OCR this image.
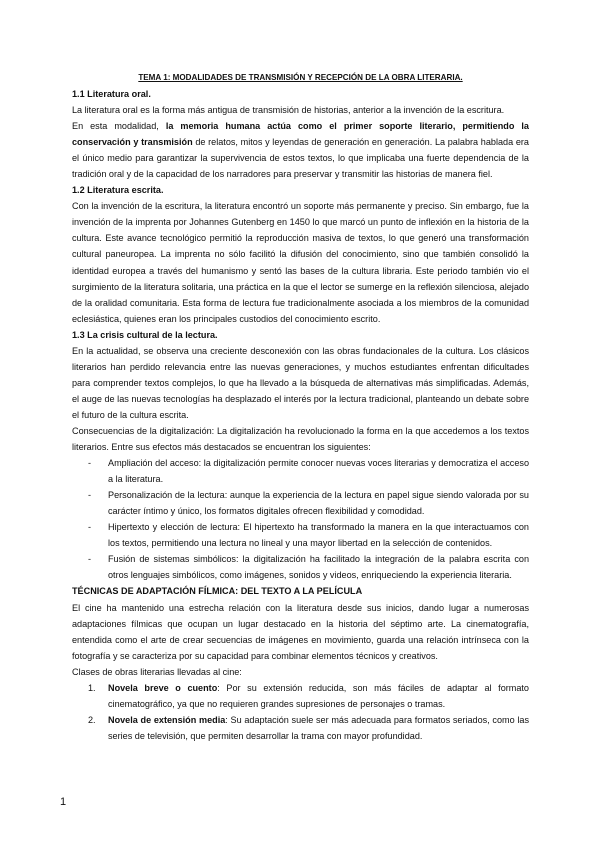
TEMA 1: MODALIDADES DE TRANSMISIÓN Y RECEPCIÓN DE LA OBRA LITERARIA.
1.1 Literatura oral.
La literatura oral es la forma más antigua de transmisión de historias, anterior a la invención de la escritura.
En esta modalidad, la memoria humana actúa como el primer soporte literario, permitiendo la conservación y transmisión de relatos, mitos y leyendas de generación en generación. La palabra hablada era el único medio para garantizar la supervivencia de estos textos, lo que implicaba una fuerte dependencia de la tradición oral y de la capacidad de los narradores para preservar y transmitir las historias de manera fiel.
1.2 Literatura escrita.
Con la invención de la escritura, la literatura encontró un soporte más permanente y preciso. Sin embargo, fue la invención de la imprenta por Johannes Gutenberg en 1450 lo que marcó un punto de inflexión en la historia de la cultura. Este avance tecnológico permitió la reproducción masiva de textos, lo que generó una transformación cultural paneuropea. La imprenta no sólo facilitó la difusión del conocimiento, sino que también consolidó la identidad europea a través del humanismo y sentó las bases de la cultura libraria. Este periodo también vio el surgimiento de la literatura solitaria, una práctica en la que el lector se sumerge en la reflexión silenciosa, alejado de la oralidad comunitaria. Esta forma de lectura fue tradicionalmente asociada a los miembros de la comunidad eclesiástica, quienes eran los principales custodios del conocimiento escrito.
1.3 La crisis cultural de la lectura.
En la actualidad, se observa una creciente desconexión con las obras fundacionales de la cultura. Los clásicos literarios han perdido relevancia entre las nuevas generaciones, y muchos estudiantes enfrentan dificultades para comprender textos complejos, lo que ha llevado a la búsqueda de alternativas más simplificadas. Además, el auge de las nuevas tecnologías ha desplazado el interés por la lectura tradicional, planteando un debate sobre el futuro de la cultura escrita.
Consecuencias de la digitalización: La digitalización ha revolucionado la forma en la que accedemos a los textos literarios. Entre sus efectos más destacados se encuentran los siguientes:
- Ampliación del acceso: la digitalización permite conocer nuevas voces literarias y democratiza el acceso a la literatura.
- Personalización de la lectura: aunque la experiencia de la lectura en papel sigue siendo valorada por su carácter íntimo y único, los formatos digitales ofrecen flexibilidad y comodidad.
- Hipertexto y elección de lectura: El hipertexto ha transformado la manera en la que interactuamos con los textos, permitiendo una lectura no lineal y una mayor libertad en la selección de contenidos.
- Fusión de sistemas simbólicos: la digitalización ha facilitado la integración de la palabra escrita con otros lenguajes simbólicos, como imágenes, sonidos y videos, enriqueciendo la experiencia literaria.
TÉCNICAS DE ADAPTACIÓN FÍLMICA: DEL TEXTO A LA PELÍCULA
El cine ha mantenido una estrecha relación con la literatura desde sus inicios, dando lugar a numerosas adaptaciones fílmicas que ocupan un lugar destacado en la historia del séptimo arte. La cinematografía, entendida como el arte de crear secuencias de imágenes en movimiento, guarda una relación intrínseca con la fotografía y se caracteriza por su capacidad para combinar elementos técnicos y creativos.
Clases de obras literarias llevadas al cine:
1. Novela breve o cuento: Por su extensión reducida, son más fáciles de adaptar al formato cinematográfico, ya que no requieren grandes supresiones de personajes o tramas.
2. Novela de extensión media: Su adaptación suele ser más adecuada para formatos seriados, como las series de televisión, que permiten desarrollar la trama con mayor profundidad.
1
